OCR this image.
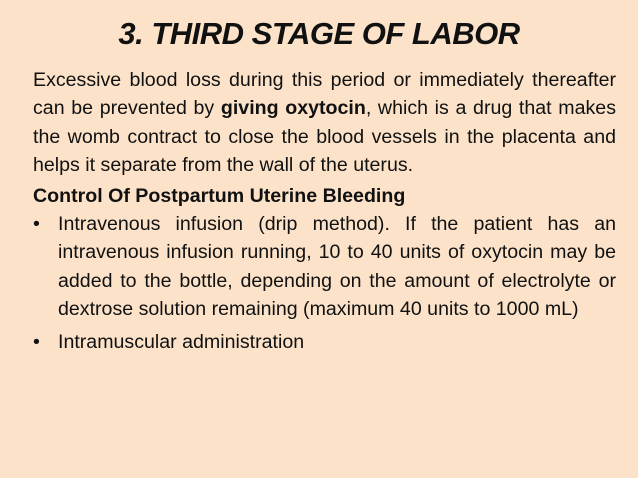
3. THIRD STAGE OF LABOR

Excessive blood loss during this period or immediately thereafter can be prevented by giving oxytocin, which is a drug that makes the womb contract to close the blood vessels in the placenta and helps it separate from the wall of the uterus.

Control Of Postpartum Uterine Bleeding
• Intravenous infusion (drip method). If the patient has an intravenous infusion running, 10 to 40 units of oxytocin may be added to the bottle, depending on the amount of electrolyte or dextrose solution remaining (maximum 40 units to 1000 mL)
• Intramuscular administration
